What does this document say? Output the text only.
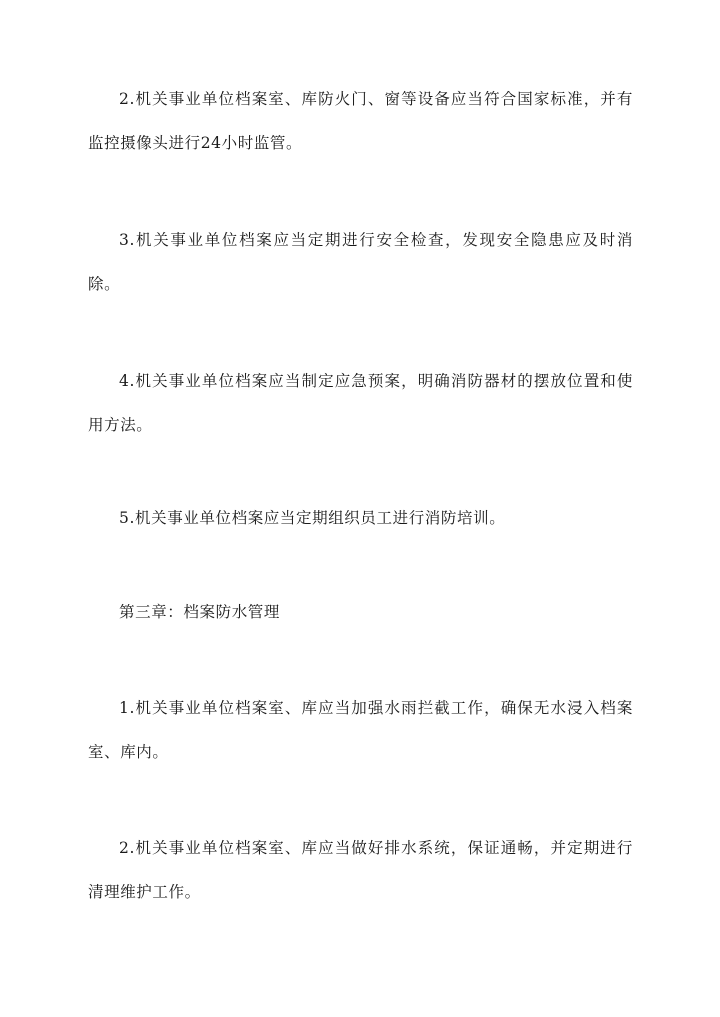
2.机关事业单位档案室、库防火门、窗等设备应当符合国家标准，并有监控摄像头进行24小时监管。

3.机关事业单位档案应当定期进行安全检查，发现安全隐患应及时消除。

4.机关事业单位档案应当制定应急预案，明确消防器材的摆放位置和使用方法。

5.机关事业单位档案应当定期组织员工进行消防培训。

第三章：档案防水管理

1.机关事业单位档案室、库应当加强水雨拦截工作，确保无水浸入档案室、库内。

2.机关事业单位档案室、库应当做好排水系统，保证通畅，并定期进行清理维护工作。
